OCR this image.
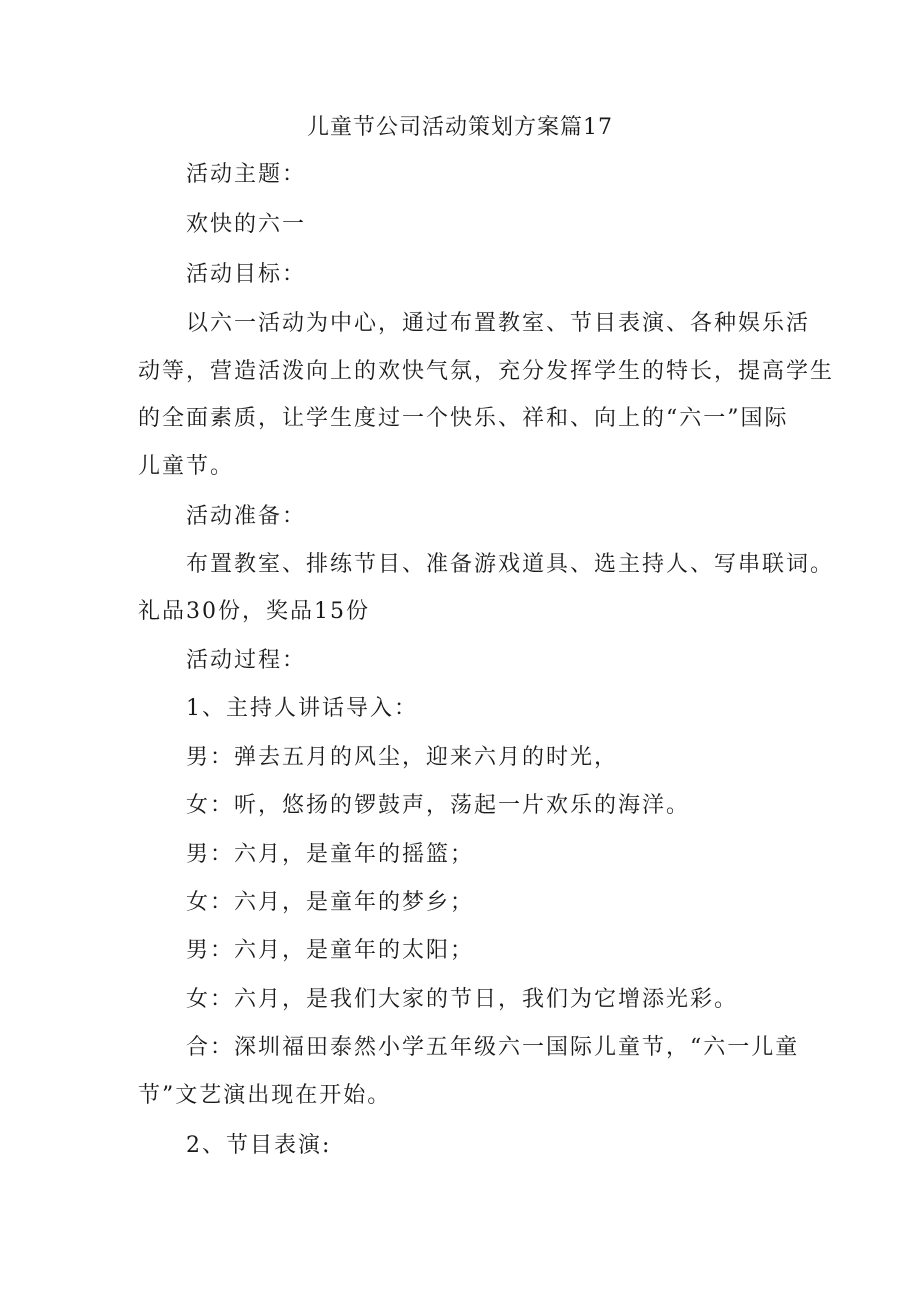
儿童节公司活动策划方案篇17
活动主题：
欢快的六一
活动目标：
以六一活动为中心，通过布置教室、节目表演、各种娱乐活
动等，营造活泼向上的欢快气氛，充分发挥学生的特长，提高学生
的全面素质，让学生度过一个快乐、祥和、向上的“六一”国际
儿童节。
活动准备：
布置教室、排练节目、准备游戏道具、选主持人、写串联词。
礼品30份，奖品15份
活动过程：
1、主持人讲话导入：
男：弹去五月的风尘，迎来六月的时光，
女：听，悠扬的锣鼓声，荡起一片欢乐的海洋。
男：六月，是童年的摇篮；
女：六月，是童年的梦乡；
男：六月，是童年的太阳；
女：六月，是我们大家的节日，我们为它增添光彩。
合：深圳福田泰然小学五年级六一国际儿童节，“六一儿童
节”文艺演出现在开始。
2、节目表演:
